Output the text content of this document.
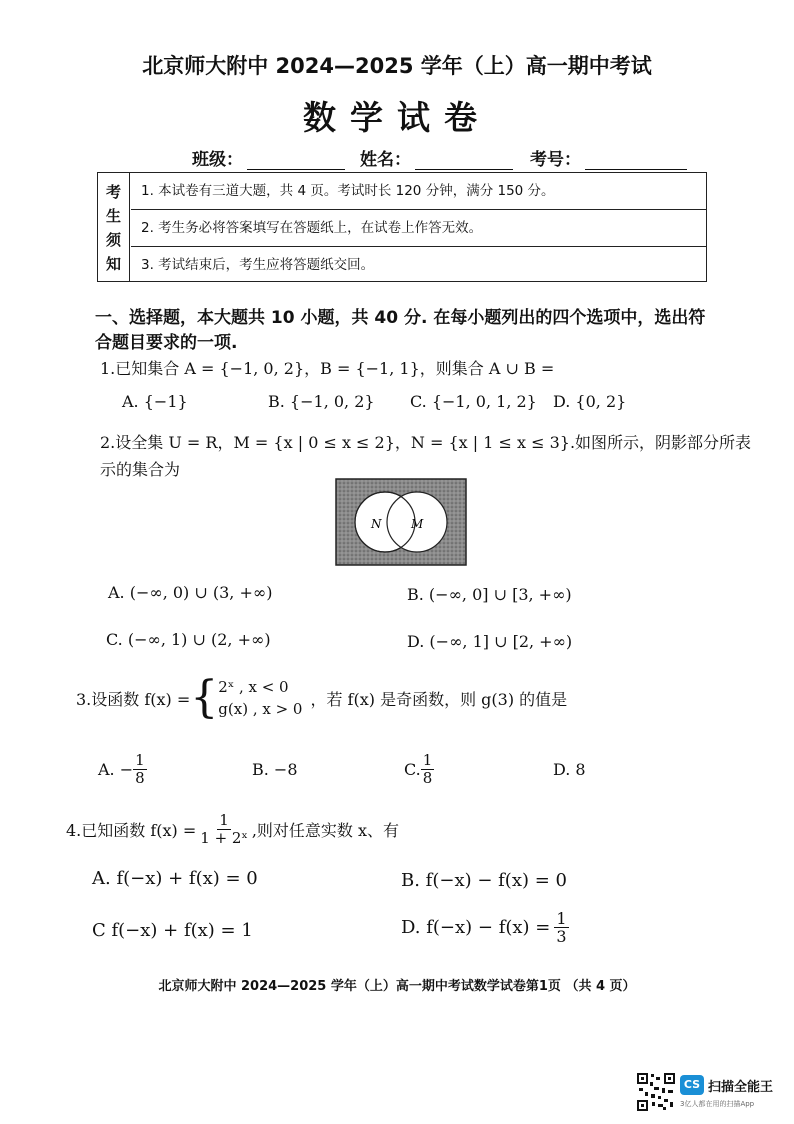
北京师大附中 2024—2025 学年（上）高一期中考试
数学试卷
班级：	姓名：	考号：
考
生
须
知
1. 本试卷有三道大题，共 4 页。考试时长 120 分钟，满分 150 分。
2. 考生务必将答案填写在答题纸上，在试卷上作答无效。
3. 考试结束后，考生应将答题纸交回。
一、选择题，本大题共 10 小题，共 40 分. 在每小题列出的四个选项中，选出符合题目要求的一项.
1.已知集合 A = {−1, 0, 2}，B = {−1, 1}，则集合 A ∪ B =
A. {−1}	B. {−1, 0, 2} C. {−1, 0, 1, 2} D. {0, 2}
2.设全集 U = R，M = {x | 0 ≤ x ≤ 2}，N = {x | 1 ≤ x ≤ 3}.如图所示，阴影部分所表
示的集合为
N M
A. (−∞, 0) ∪ (3, +∞)	B. (−∞, 0] ∪ [3, +∞)
C. (−∞, 1) ∪ (2, +∞)	D. (−∞, 1] ∪ [2, +∞)
3.设函数 f(x) = { 2ˣ , x < 0
g(x) , x > 0
，若 f(x) 是奇函数，则 g(3) 的值是
A. − $\frac{1}{8}$	B. −8	C. $\frac{1}{8}$	D. 8
4.已知函数 $f(x) = \frac{1}{\text{1 + 2ˣ}}$ ,则对任意实数 x、有
A. f(−x) + f(x) = 0	B. f(−x) − f(x) = 0
C f(−x) + f(x) = 1	D. $f(-x) - f(x) = \frac{1}{3}$
北京师大附中 2024—2025 学年（上）高一期中考试数学试卷第1页 （共 4 页）
CS 扫描全能王
3亿人都在用的扫描App
